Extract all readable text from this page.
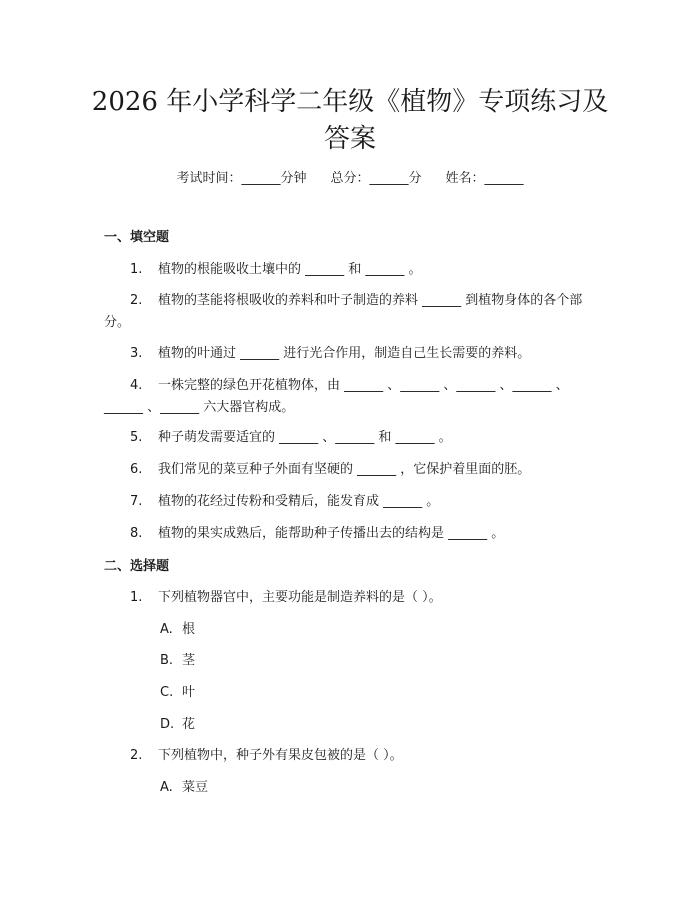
2026 年小学科学二年级《植物》专项练习及
答案
考试时间：______分钟 总分：______分 姓名：______
一、填空题
1. 植物的根能吸收土壤中的 ______ 和 ______ 。
2. 植物的茎能将根吸收的养料和叶子制造的养料 ______ 到植物身体的各个部分。
3. 植物的叶通过 ______ 进行光合作用，制造自己生长需要的养料。
4. 一株完整的绿色开花植物体，由 ______ 、______ 、______ 、______ 、______ 、______ 六大器官构成。
5. 种子萌发需要适宜的 ______ 、______ 和 ______ 。
6. 我们常见的菜豆种子外面有坚硬的 ______ ，它保护着里面的胚。
7. 植物的花经过传粉和受精后，能发育成 ______ 。
8. 植物的果实成熟后，能帮助种子传播出去的结构是 ______ 。
二、选择题
1. 下列植物器官中，主要功能是制造养料的是（ ）。
A. 根
B. 茎
C. 叶
D. 花
2. 下列植物中，种子外有果皮包被的是（ ）。
A. 菜豆
